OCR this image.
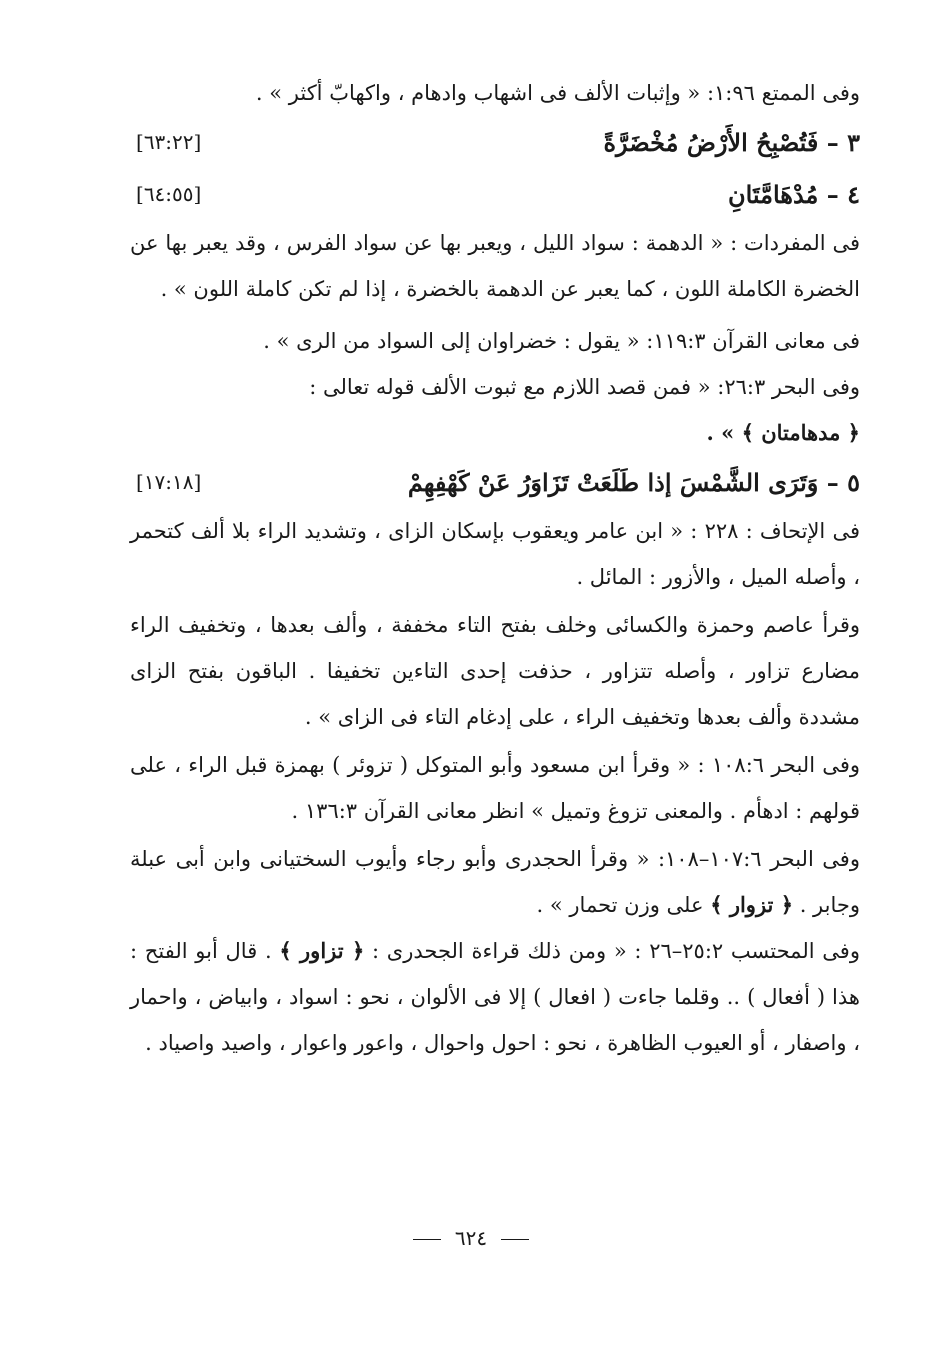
وفى الممتع ١:٩٦: « وإثبات الألف فى اشهاب وادهام ، واكهابّ أكثر » .
٣ – فَتُصْبِحُ الأَرْضُ مُخْضَرَّةً
[٦٣:٢٢]
٤ – مُدْهَامَّتَانِ
[٦٤:٥٥]

فى المفردات : « الدهمة : سواد الليل ، ويعبر بها عن سواد الفرس ، وقد يعبر بها عن الخضرة الكاملة اللون ، كما يعبر عن الدهمة بالخضرة ، إذا لم تكن كاملة اللون » .

فى معانى القرآن ١١٩:٣: « يقول : خضراوان إلى السواد من الرى » .

وفى البحر ٢٦:٣: « فمن قصد اللازم مع ثبوت الألف قوله تعالى :
﴿ مدهامتان ﴾ » .

٥ – وَتَرَى الشَّمْسَ إذا طَلَعَتْ تَزَاوَرُ عَنْ كَهْفِهِمْ
[١٧:١٨]

فى الإتحاف : ٢٢٨ : « ابن عامر ويعقوب بإسكان الزاى ، وتشديد الراء بلا ألف كتحمر ، وأصله الميل ، والأزور : المائل .

وقرأ عاصم وحمزة والكسائى وخلف بفتح التاء مخففة ، وألف بعدها ، وتخفيف الراء مضارع تزاور ، وأصله تتزاور ، حذفت إحدى التاءين تخفيفا . الباقون بفتح الزاى مشددة وألف بعدها وتخفيف الراء ، على إدغام التاء فى الزاى » .

وفى البحر ١٠٨:٦ : « وقرأ ابن مسعود وأبو المتوكل ( تزوئر ) بهمزة قبل الراء ، على قولهم : ادهأم . والمعنى تزوغ وتميل » انظر معانى القرآن ١٣٦:٣ .

وفى البحر ١٠٧:٦–١٠٨: « وقرأ الحجدرى وأبو رجاء وأيوب السختيانى وابن أبى عبلة وجابر . ﴿ تزوار ﴾ على وزن تحمار » .

وفى المحتسب ٢٥:٢–٢٦ : « ومن ذلك قراءة الجحدرى : ﴿ تزاور ﴾ . قال أبو الفتح : هذا ( أفعال ) .. وقلما جاءت ( افعال ) إلا فى الألوان ، نحو : اسواد ، وابياض ، واحمار ، واصفار ، أو العيوب الظاهرة ، نحو : احول واحوال ، واعور واعوار ، واصيد واصياد .

٦٢٤
